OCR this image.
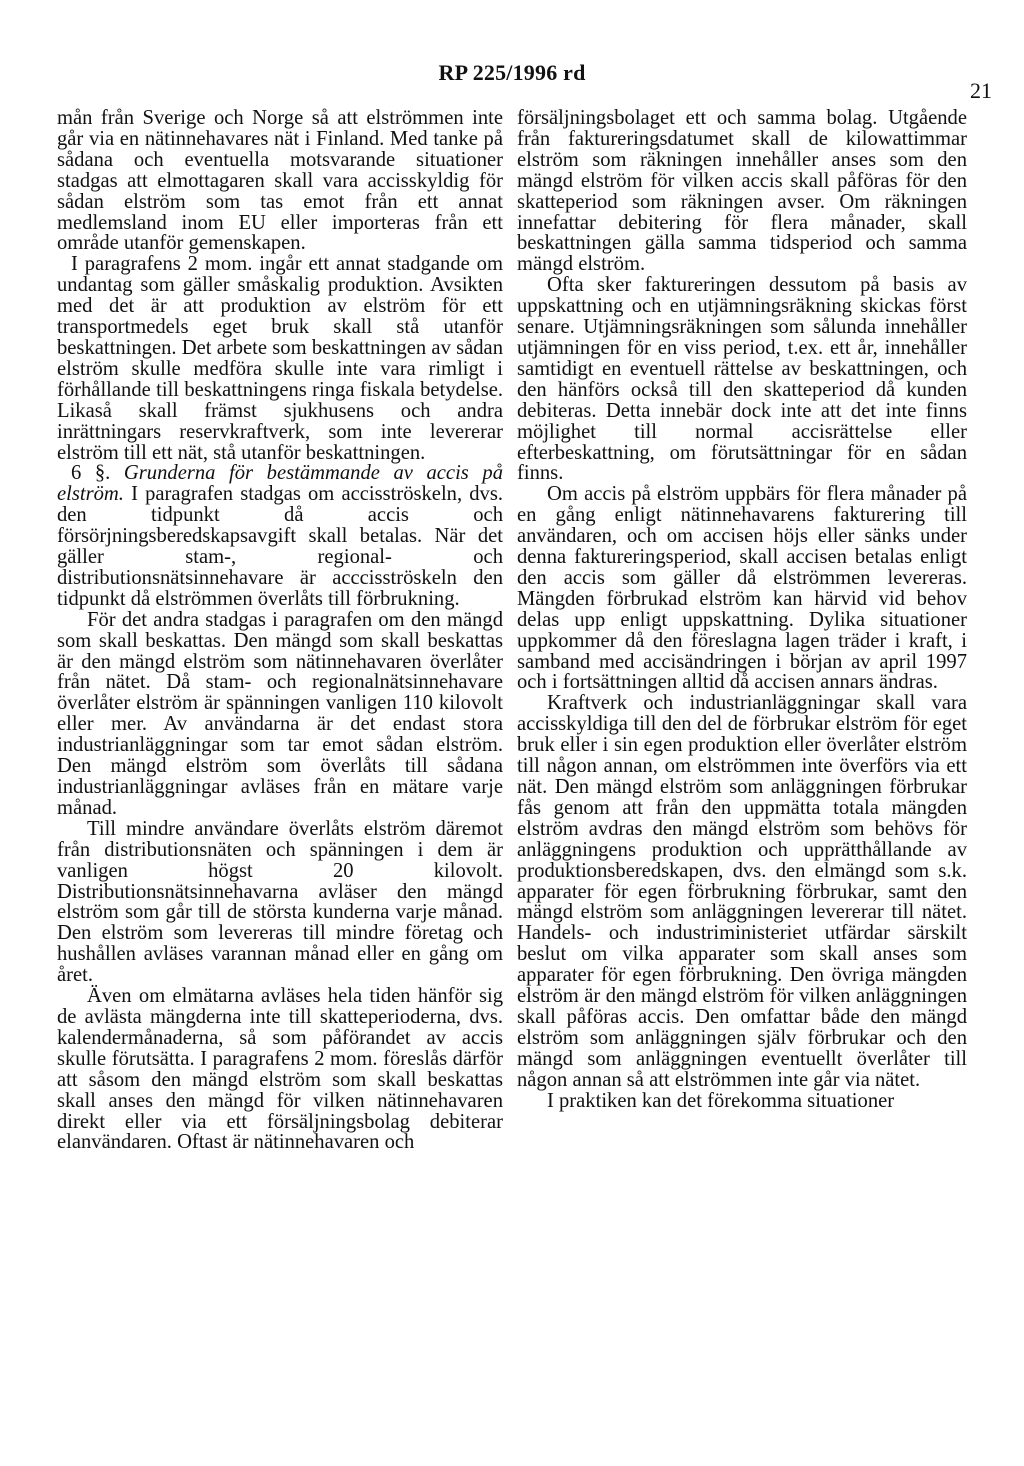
RP 225/1996 rd
21

mån från Sverige och Norge så att elströmmen inte går via en nätinnehavares nät i Finland. Med tanke på sådana och eventuella motsvarande situationer stadgas att elmottagaren skall vara accisskyldig för sådan elström som tas emot från ett annat medlemsland inom EU eller importeras från ett område utanför gemenskapen.

I paragrafens 2 mom. ingår ett annat stadgande om undantag som gäller småskalig produktion. Avsikten med det är att produktion av elström för ett transportmedels eget bruk skall stå utanför beskattningen. Det arbete som beskattningen av sådan elström skulle medföra skulle inte vara rimligt i förhållande till beskattningens ringa fiskala betydelse. Likaså skall främst sjukhusens och andra inrättningars reservkraftverk, som inte levererar elström till ett nät, stå utanför beskattningen.

6 §. Grunderna för bestämmande av accis på elström. I paragrafen stadgas om accisströskeln, dvs. den tidpunkt då accis och försörjningsberedskapsavgift skall betalas. När det gäller stam-, regional- och distributionsnätsinnehavare är acccisströskeln den tidpunkt då elströmmen överlåts till förbrukning.

För det andra stadgas i paragrafen om den mängd som skall beskattas. Den mängd som skall beskattas är den mängd elström som nätinnehavaren överlåter från nätet. Då stam- och regionalnätsinnehavare överlåter elström är spänningen vanligen 110 kilovolt eller mer. Av användarna är det endast stora industrianläggningar som tar emot sådan elström. Den mängd elström som överlåts till sådana industrianläggningar avläses från en mätare varje månad.

Till mindre användare överlåts elström däremot från distributionsnäten och spänningen i dem är vanligen högst 20 kilovolt. Distributionsnätsinnehavarna avläser den mängd elström som går till de största kunderna varje månad. Den elström som levereras till mindre företag och hushållen avläses varannan månad eller en gång om året.

Även om elmätarna avläses hela tiden hänför sig de avlästa mängderna inte till skatteperioderna, dvs. kalendermånaderna, så som påförandet av accis skulle förutsätta. I paragrafens 2 mom. föreslås därför att såsom den mängd elström som skall beskattas skall anses den mängd för vilken nätinnehavaren direkt eller via ett försäljningsbolag debiterar elanvändaren. Oftast är nätinnehavaren och

försäljningsbolaget ett och samma bolag. Utgående från faktureringsdatumet skall de kilowattimmar elström som räkningen innehåller anses som den mängd elström för vilken accis skall påföras för den skatteperiod som räkningen avser. Om räkningen innefattar debitering för flera månader, skall beskattningen gälla samma tidsperiod och samma mängd elström.

Ofta sker faktureringen dessutom på basis av uppskattning och en utjämningsräkning skickas först senare. Utjämningsräkningen som sålunda innehåller utjämningen för en viss period, t.ex. ett år, innehåller samtidigt en eventuell rättelse av beskattningen, och den hänförs också till den skatteperiod då kunden debiteras. Detta innebär dock inte att det inte finns möjlighet till normal accisrättelse eller efterbeskattning, om förutsättningar för en sådan finns.

Om accis på elström uppbärs för flera månader på en gång enligt nätinnehavarens fakturering till användaren, och om accisen höjs eller sänks under denna faktureringsperiod, skall accisen betalas enligt den accis som gäller då elströmmen levereras. Mängden förbrukad elström kan härvid vid behov delas upp enligt uppskattning. Dylika situationer uppkommer då den föreslagna lagen träder i kraft, i samband med accisändringen i början av april 1997 och i fortsättningen alltid då accisen annars ändras.

Kraftverk och industrianläggningar skall vara accisskyldiga till den del de förbrukar elström för eget bruk eller i sin egen produktion eller överlåter elström till någon annan, om elströmmen inte överförs via ett nät. Den mängd elström som anläggningen förbrukar fås genom att från den uppmätta totala mängden elström avdras den mängd elström som behövs för anläggningens produktion och upprätthållande av produktionsberedskapen, dvs. den elmängd som s.k. apparater för egen förbrukning förbrukar, samt den mängd elström som anläggningen levererar till nätet. Handels- och industriministeriet utfärdar särskilt beslut om vilka apparater som skall anses som apparater för egen förbrukning. Den övriga mängden elström är den mängd elström för vilken anläggningen skall påföras accis. Den omfattar både den mängd elström som anläggningen själv förbrukar och den mängd som anläggningen eventuellt överlåter till någon annan så att elströmmen inte går via nätet.

I praktiken kan det förekomma situationer
